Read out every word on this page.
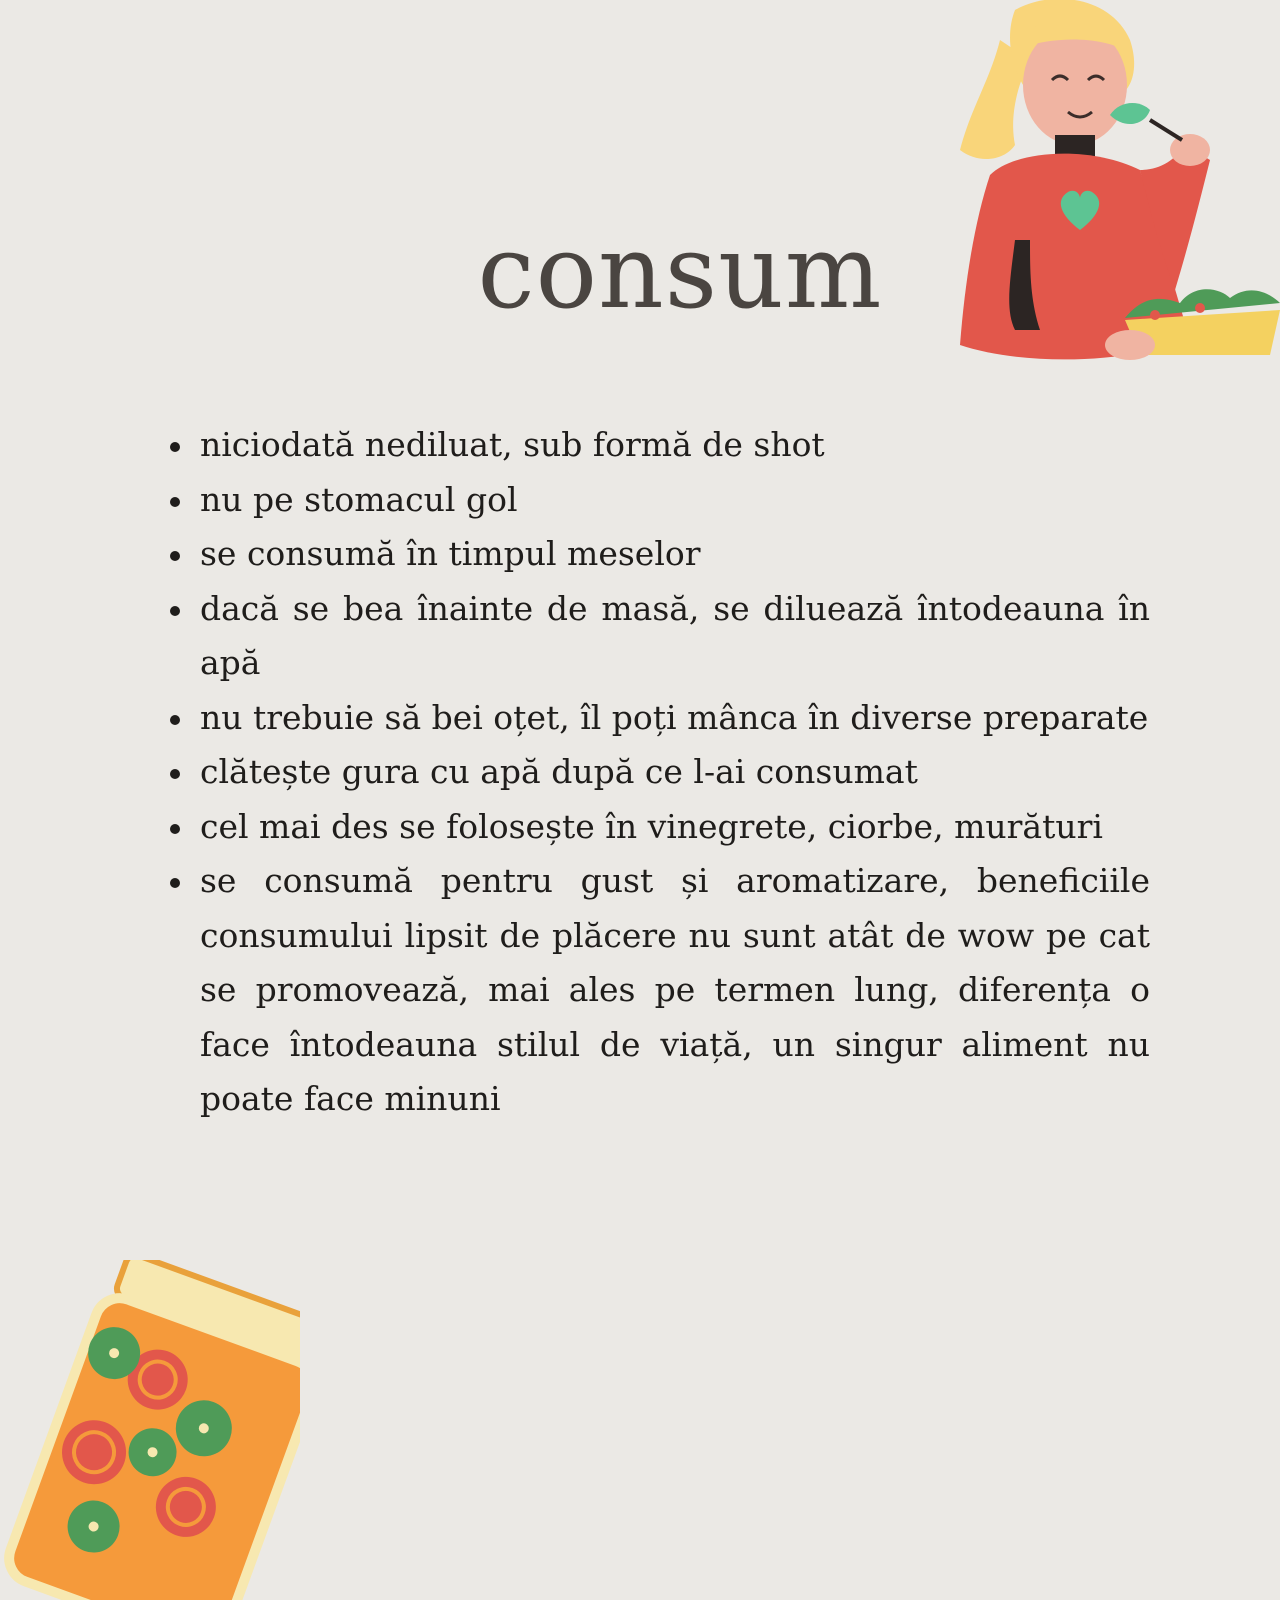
consum
niciodată nediluat, sub formă de shot
nu pe stomacul gol
se consumă în timpul meselor
dacă se bea înainte de masă, se diluează întodeauna în apă
nu trebuie să bei oțet, îl poți mânca în diverse preparate
clătește gura cu apă după ce l-ai consumat
cel mai des se folosește în vinegrete, ciorbe, murături
se consumă pentru gust și aromatizare, beneficiile consumului lipsit de plăcere nu sunt atât de wow pe cat se promovează, mai ales pe termen lung, diferența o face întodeauna stilul de viață, un singur aliment nu poate face minuni
